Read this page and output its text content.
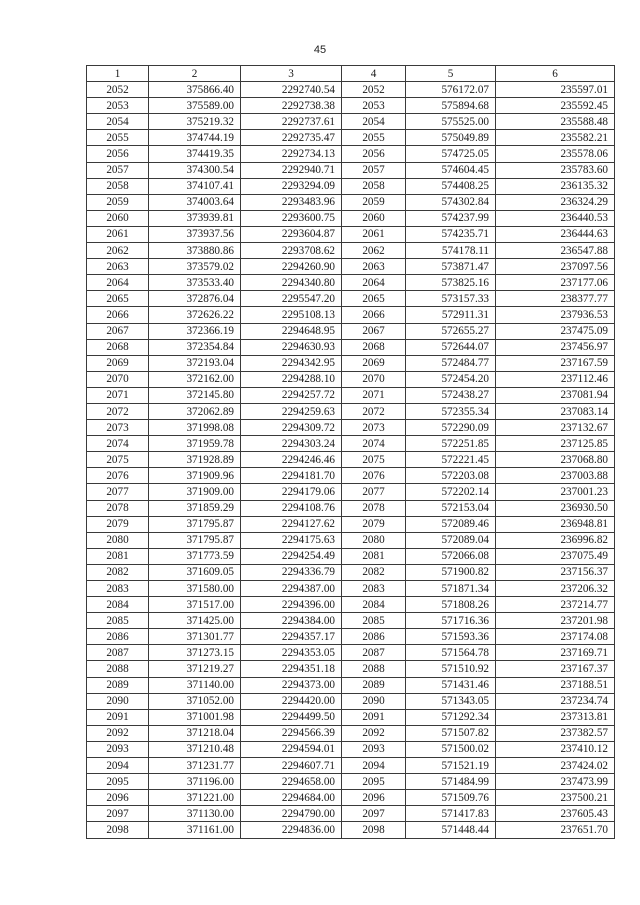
45
1	2	3	4	5	6
2052	375866.40	2292740.54	2052	576172.07	235597.01
2053	375589.00	2292738.38	2053	575894.68	235592.45
2054	375219.32	2292737.61	2054	575525.00	235588.48
2055	374744.19	2292735.47	2055	575049.89	235582.21
2056	374419.35	2292734.13	2056	574725.05	235578.06
2057	374300.54	2292940.71	2057	574604.45	235783.60
2058	374107.41	2293294.09	2058	574408.25	236135.32
2059	374003.64	2293483.96	2059	574302.84	236324.29
2060	373939.81	2293600.75	2060	574237.99	236440.53
2061	373937.56	2293604.87	2061	574235.71	236444.63
2062	373880.86	2293708.62	2062	574178.11	236547.88
2063	373579.02	2294260.90	2063	573871.47	237097.56
2064	373533.40	2294340.80	2064	573825.16	237177.06
2065	372876.04	2295547.20	2065	573157.33	238377.77
2066	372626.22	2295108.13	2066	572911.31	237936.53
2067	372366.19	2294648.95	2067	572655.27	237475.09
2068	372354.84	2294630.93	2068	572644.07	237456.97
2069	372193.04	2294342.95	2069	572484.77	237167.59
2070	372162.00	2294288.10	2070	572454.20	237112.46
2071	372145.80	2294257.72	2071	572438.27	237081.94
2072	372062.89	2294259.63	2072	572355.34	237083.14
2073	371998.08	2294309.72	2073	572290.09	237132.67
2074	371959.78	2294303.24	2074	572251.85	237125.85
2075	371928.89	2294246.46	2075	572221.45	237068.80
2076	371909.96	2294181.70	2076	572203.08	237003.88
2077	371909.00	2294179.06	2077	572202.14	237001.23
2078	371859.29	2294108.76	2078	572153.04	236930.50
2079	371795.87	2294127.62	2079	572089.46	236948.81
2080	371795.87	2294175.63	2080	572089.04	236996.82
2081	371773.59	2294254.49	2081	572066.08	237075.49
2082	371609.05	2294336.79	2082	571900.82	237156.37
2083	371580.00	2294387.00	2083	571871.34	237206.32
2084	371517.00	2294396.00	2084	571808.26	237214.77
2085	371425.00	2294384.00	2085	571716.36	237201.98
2086	371301.77	2294357.17	2086	571593.36	237174.08
2087	371273.15	2294353.05	2087	571564.78	237169.71
2088	371219.27	2294351.18	2088	571510.92	237167.37
2089	371140.00	2294373.00	2089	571431.46	237188.51
2090	371052.00	2294420.00	2090	571343.05	237234.74
2091	371001.98	2294499.50	2091	571292.34	237313.81
2092	371218.04	2294566.39	2092	571507.82	237382.57
2093	371210.48	2294594.01	2093	571500.02	237410.12
2094	371231.77	2294607.71	2094	571521.19	237424.02
2095	371196.00	2294658.00	2095	571484.99	237473.99
2096	371221.00	2294684.00	2096	571509.76	237500.21
2097	371130.00	2294790.00	2097	571417.83	237605.43
2098	371161.00	2294836.00	2098	571448.44	237651.70
